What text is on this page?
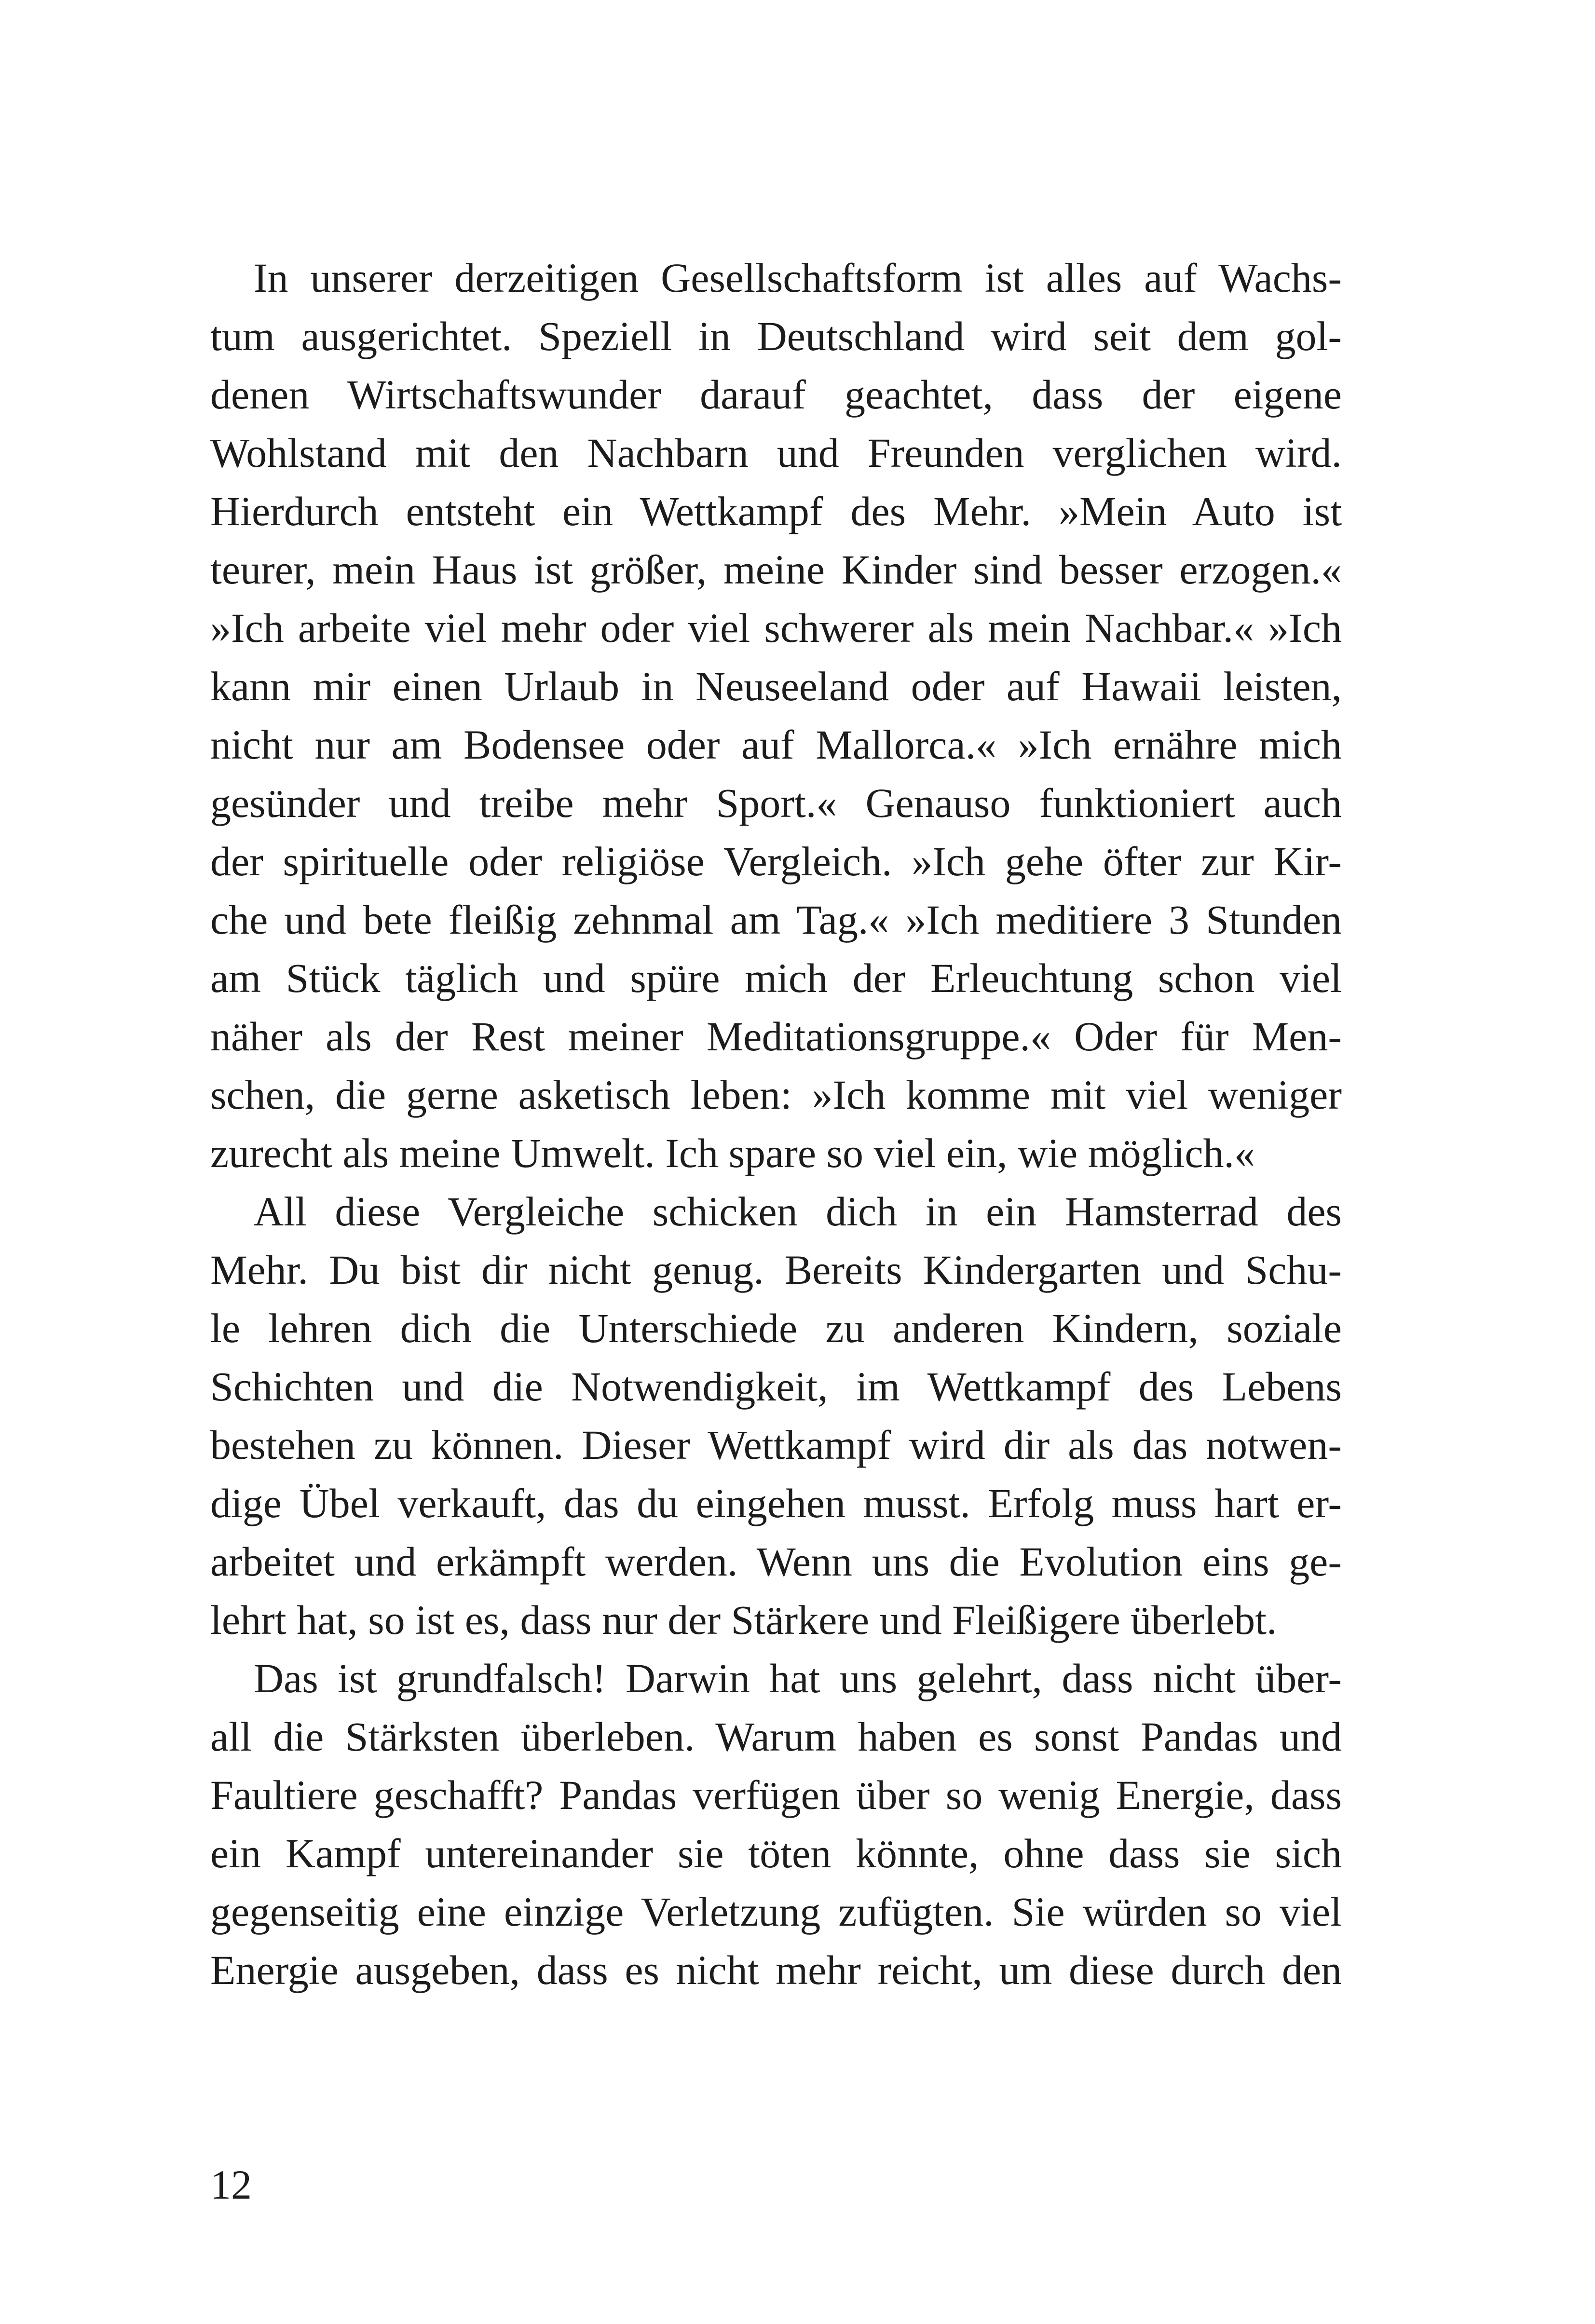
In unserer derzeitigen Gesellschaftsform ist alles auf Wachs-
tum ausgerichtet. Speziell in Deutschland wird seit dem gol-
denen Wirtschaftswunder darauf geachtet, dass der eigene
Wohlstand mit den Nachbarn und Freunden verglichen wird.
Hierdurch entsteht ein Wettkampf des Mehr. »Mein Auto ist
teurer, mein Haus ist größer, meine Kinder sind besser erzogen.«
»Ich arbeite viel mehr oder viel schwerer als mein Nachbar.« »Ich
kann mir einen Urlaub in Neuseeland oder auf Hawaii leisten,
nicht nur am Bodensee oder auf Mallorca.« »Ich ernähre mich
gesünder und treibe mehr Sport.« Genauso funktioniert auch
der spirituelle oder religiöse Vergleich. »Ich gehe öfter zur Kir-
che und bete fleißig zehnmal am Tag.« »Ich meditiere 3 Stunden
am Stück täglich und spüre mich der Erleuchtung schon viel
näher als der Rest meiner Meditationsgruppe.« Oder für Men-
schen, die gerne asketisch leben: »Ich komme mit viel weniger
zurecht als meine Umwelt. Ich spare so viel ein, wie möglich.«
All diese Vergleiche schicken dich in ein Hamsterrad des
Mehr. Du bist dir nicht genug. Bereits Kindergarten und Schu-
le lehren dich die Unterschiede zu anderen Kindern, soziale
Schichten und die Notwendigkeit, im Wettkampf des Lebens
bestehen zu können. Dieser Wettkampf wird dir als das notwen-
dige Übel verkauft, das du eingehen musst. Erfolg muss hart er-
arbeitet und erkämpft werden. Wenn uns die Evolution eins ge-
lehrt hat, so ist es, dass nur der Stärkere und Fleißigere überlebt.
Das ist grundfalsch! Darwin hat uns gelehrt, dass nicht über-
all die Stärksten überleben. Warum haben es sonst Pandas und
Faultiere geschafft? Pandas verfügen über so wenig Energie, dass
ein Kampf untereinander sie töten könnte, ohne dass sie sich
gegenseitig eine einzige Verletzung zufügten. Sie würden so viel
Energie ausgeben, dass es nicht mehr reicht, um diese durch den
12
